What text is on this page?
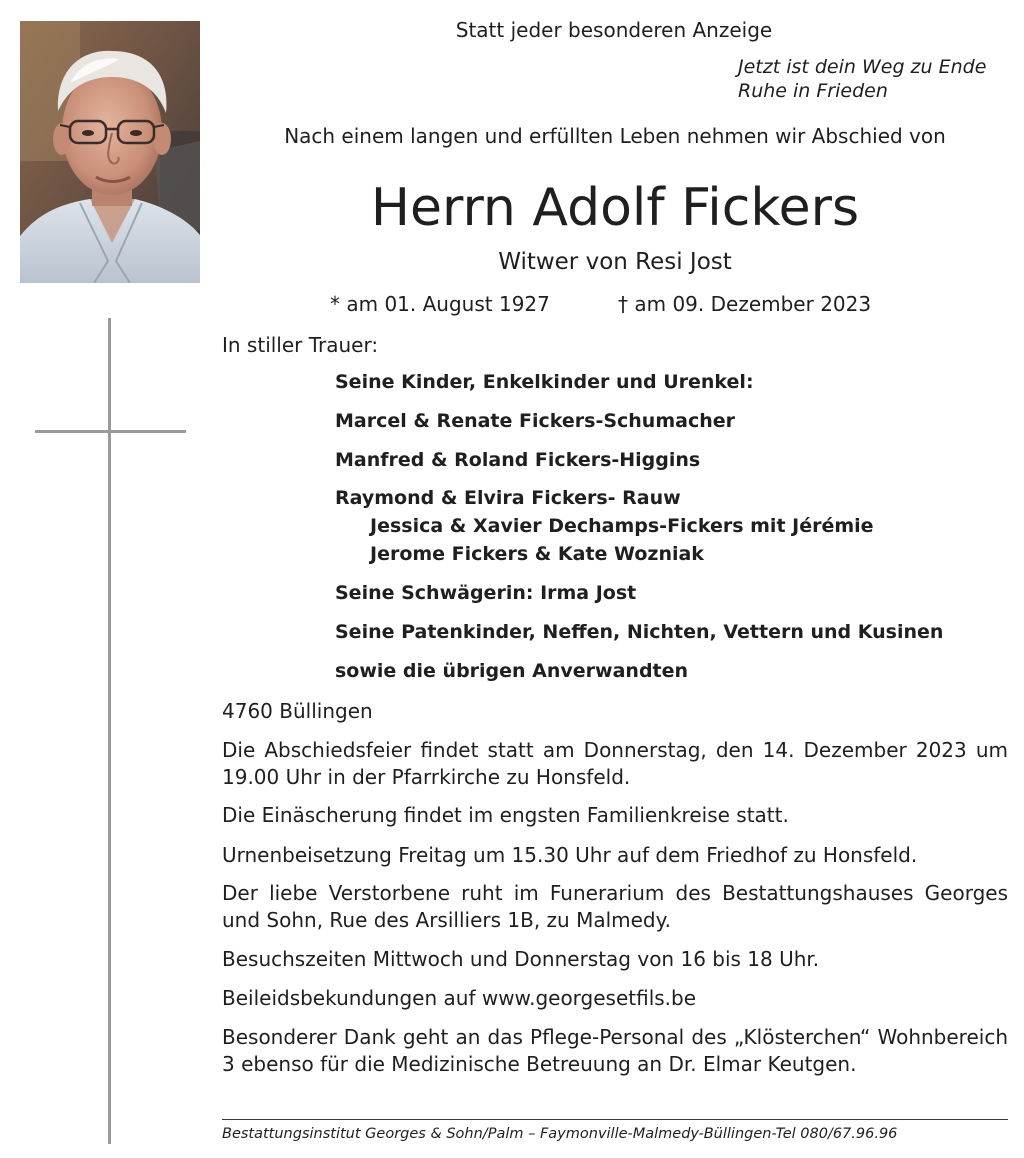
Statt jeder besonderen Anzeige
Jetzt ist dein Weg zu Ende
Ruhe in Frieden
Nach einem langen und erfüllten Leben nehmen wir Abschied von
Herrn Adolf Fickers
Witwer von Resi Jost
* am 01. August 1927	† am 09. Dezember 2023
In stiller Trauer:
Seine Kinder, Enkelkinder und Urenkel:
Marcel & Renate Fickers-Schumacher
Manfred & Roland Fickers-Higgins
Raymond & Elvira Fickers- Rauw
Jessica & Xavier Dechamps-Fickers mit Jérémie
Jerome Fickers & Kate Wozniak
Seine Schwägerin: Irma Jost
Seine Patenkinder, Neffen, Nichten, Vettern und Kusinen
sowie die übrigen Anverwandten
4760 Büllingen
Die Abschiedsfeier findet statt am Donnerstag, den 14. Dezember 2023 um 19.00 Uhr in der Pfarrkirche zu Honsfeld.
Die Einäscherung findet im engsten Familienkreise statt.
Urnenbeisetzung Freitag um 15.30 Uhr auf dem Friedhof zu Honsfeld.
Der liebe Verstorbene ruht im Funerarium des Bestattungshauses Georges und Sohn, Rue des Arsilliers 1B, zu Malmedy.
Besuchszeiten Mittwoch und Donnerstag von 16 bis 18 Uhr.
Beileidsbekundungen auf www.georgesetfils.be
Besonderer Dank geht an das Pflege-Personal des „Klösterchen“ Wohnbereich 3 ebenso für die Medizinische Betreuung an Dr. Elmar Keutgen.
Bestattungsinstitut Georges & Sohn/Palm – Faymonville-Malmedy-Büllingen-Tel 080/67.96.96
